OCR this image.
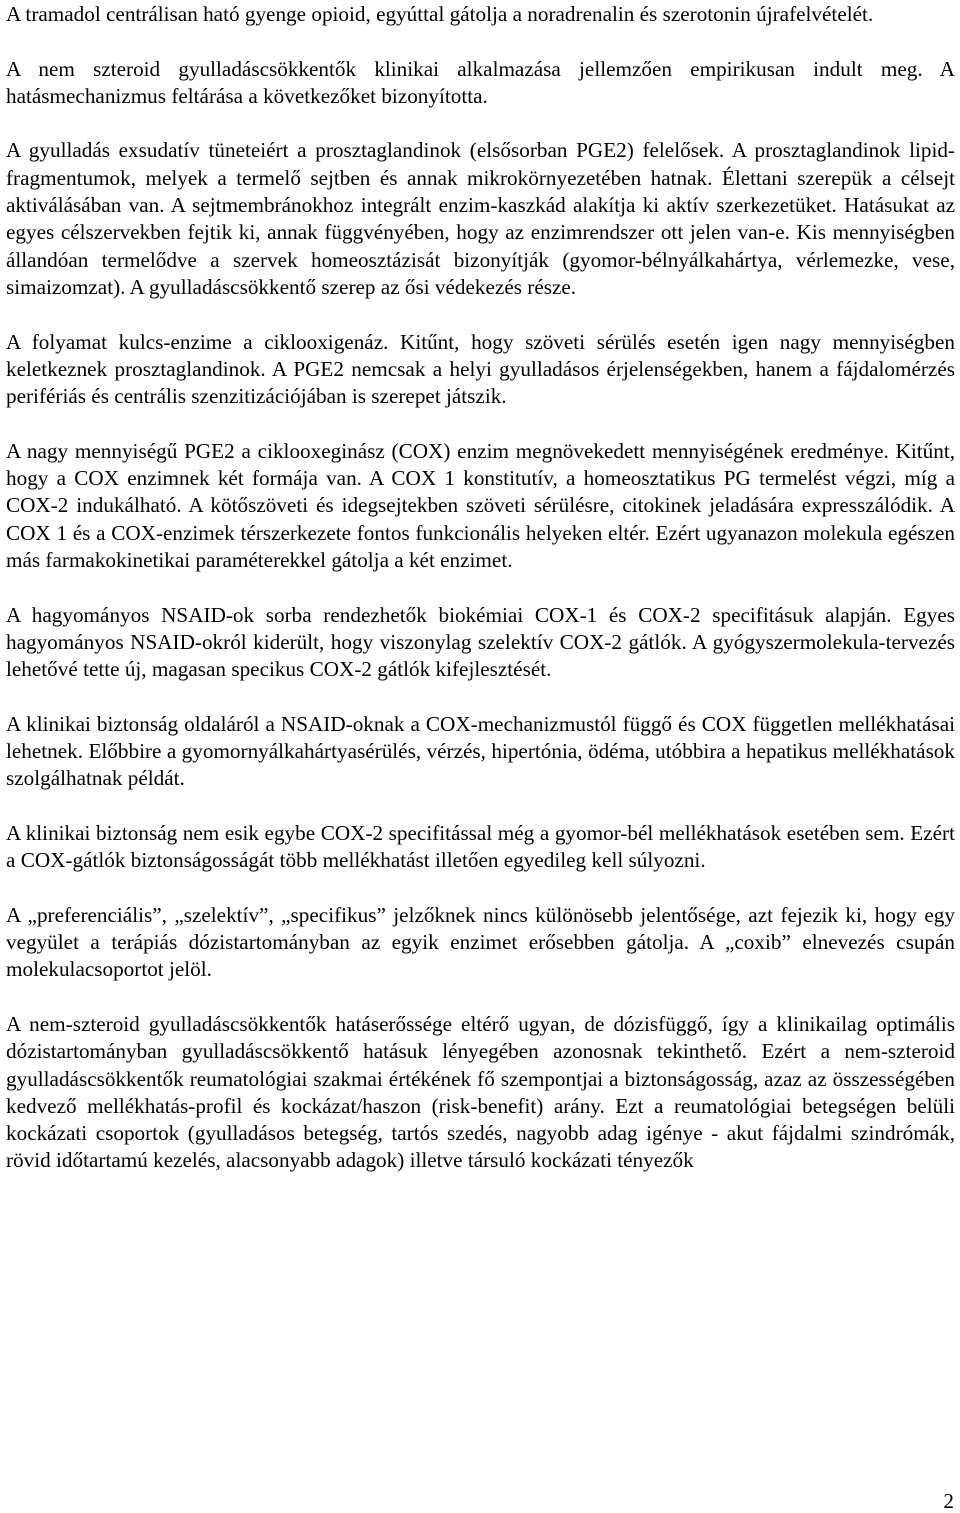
A tramadol centrálisan ható gyenge opioid, egyúttal gátolja a noradrenalin és szerotonin újrafelvételét.

A nem szteroid gyulladáscsökkentők klinikai alkalmazása jellemzően empirikusan indult meg. A hatásmechanizmus feltárása a következőket bizonyította.

A gyulladás exsudatív tüneteiért a prosztaglandinok (elsősorban PGE2) felelősek. A prosztaglandinok lipid-fragmentumok, melyek a termelő sejtben és annak mikrokörnyezetében hatnak. Élettani szerepük a célsejt aktiválásában van. A sejtmembránokhoz integrált enzim-kaszkád alakítja ki aktív szerkezetüket. Hatásukat az egyes célszervekben fejtik ki, annak függvényében, hogy az enzimrendszer ott jelen van-e. Kis mennyiségben állandóan termelődve a szervek homeosztázisát bizonyítják (gyomor-bélnyálkahártya, vérlemezke, vese, simaizomzat). A gyulladáscsökkentő szerep az ősi védekezés része.

A folyamat kulcs-enzime a ciklooxigenáz. Kitűnt, hogy szöveti sérülés esetén igen nagy mennyiségben keletkeznek prosztaglandinok. A PGE2 nemcsak a helyi gyulladásos érjelenségekben, hanem a fájdalomérzés perifériás és centrális szenzitizációjában is szerepet játszik.

A nagy mennyiségű PGE2 a ciklooxeginász (COX) enzim megnövekedett mennyiségének eredménye. Kitűnt, hogy a COX enzimnek két formája van. A COX 1 konstitutív, a homeosztatikus PG termelést végzi, míg a COX-2 indukálható. A kötőszöveti és idegsejtekben szöveti sérülésre, citokinek jeladására expresszálódik. A COX 1 és a COX-enzimek térszerkezete fontos funkcionális helyeken eltér. Ezért ugyanazon molekula egészen más farmakokinetikai paraméterekkel gátolja a két enzimet.

A hagyományos NSAID-ok sorba rendezhetők biokémiai COX-1 és COX-2 specifitásuk alapján. Egyes hagyományos NSAID-okról kiderült, hogy viszonylag szelektív COX-2 gátlók. A gyógyszermolekula-tervezés lehetővé tette új, magasan specikus COX-2 gátlók kifejlesztését.

A klinikai biztonság oldaláról a NSAID-oknak a COX-mechanizmustól függő és COX független mellékhatásai lehetnek. Előbbire a gyomornyálkahártyasérülés, vérzés, hipertónia, ödéma, utóbbira a hepatikus mellékhatások szolgálhatnak példát.

A klinikai biztonság nem esik egybe COX-2 specifitással még a gyomor-bél mellékhatások esetében sem. Ezért a COX-gátlók biztonságosságát több mellékhatást illetően egyedileg kell súlyozni.

A „preferenciális”, „szelektív”, „specifikus” jelzőknek nincs különösebb jelentősége, azt fejezik ki, hogy egy vegyület a terápiás dózistartományban az egyik enzimet erősebben gátolja. A „coxib” elnevezés csupán molekulacsoportot jelöl.

A nem-szteroid gyulladáscsökkentők hatáserőssége eltérő ugyan, de dózisfüggő, így a klinikailag optimális dózistartományban gyulladáscsökkentő hatásuk lényegében azonosnak tekinthető. Ezért a nem-szteroid gyulladáscsökkentők reumatológiai szakmai értékének fő szempontjai a biztonságosság, azaz az összességében kedvező mellékhatás-profil és kockázat/haszon (risk-benefit) arány. Ezt a reumatológiai betegségen belüli kockázati csoportok (gyulladásos betegség, tartós szedés, nagyobb adag igénye - akut fájdalmi szindrómák, rövid időtartamú kezelés, alacsonyabb adagok) illetve társuló kockázati tényezők

2
